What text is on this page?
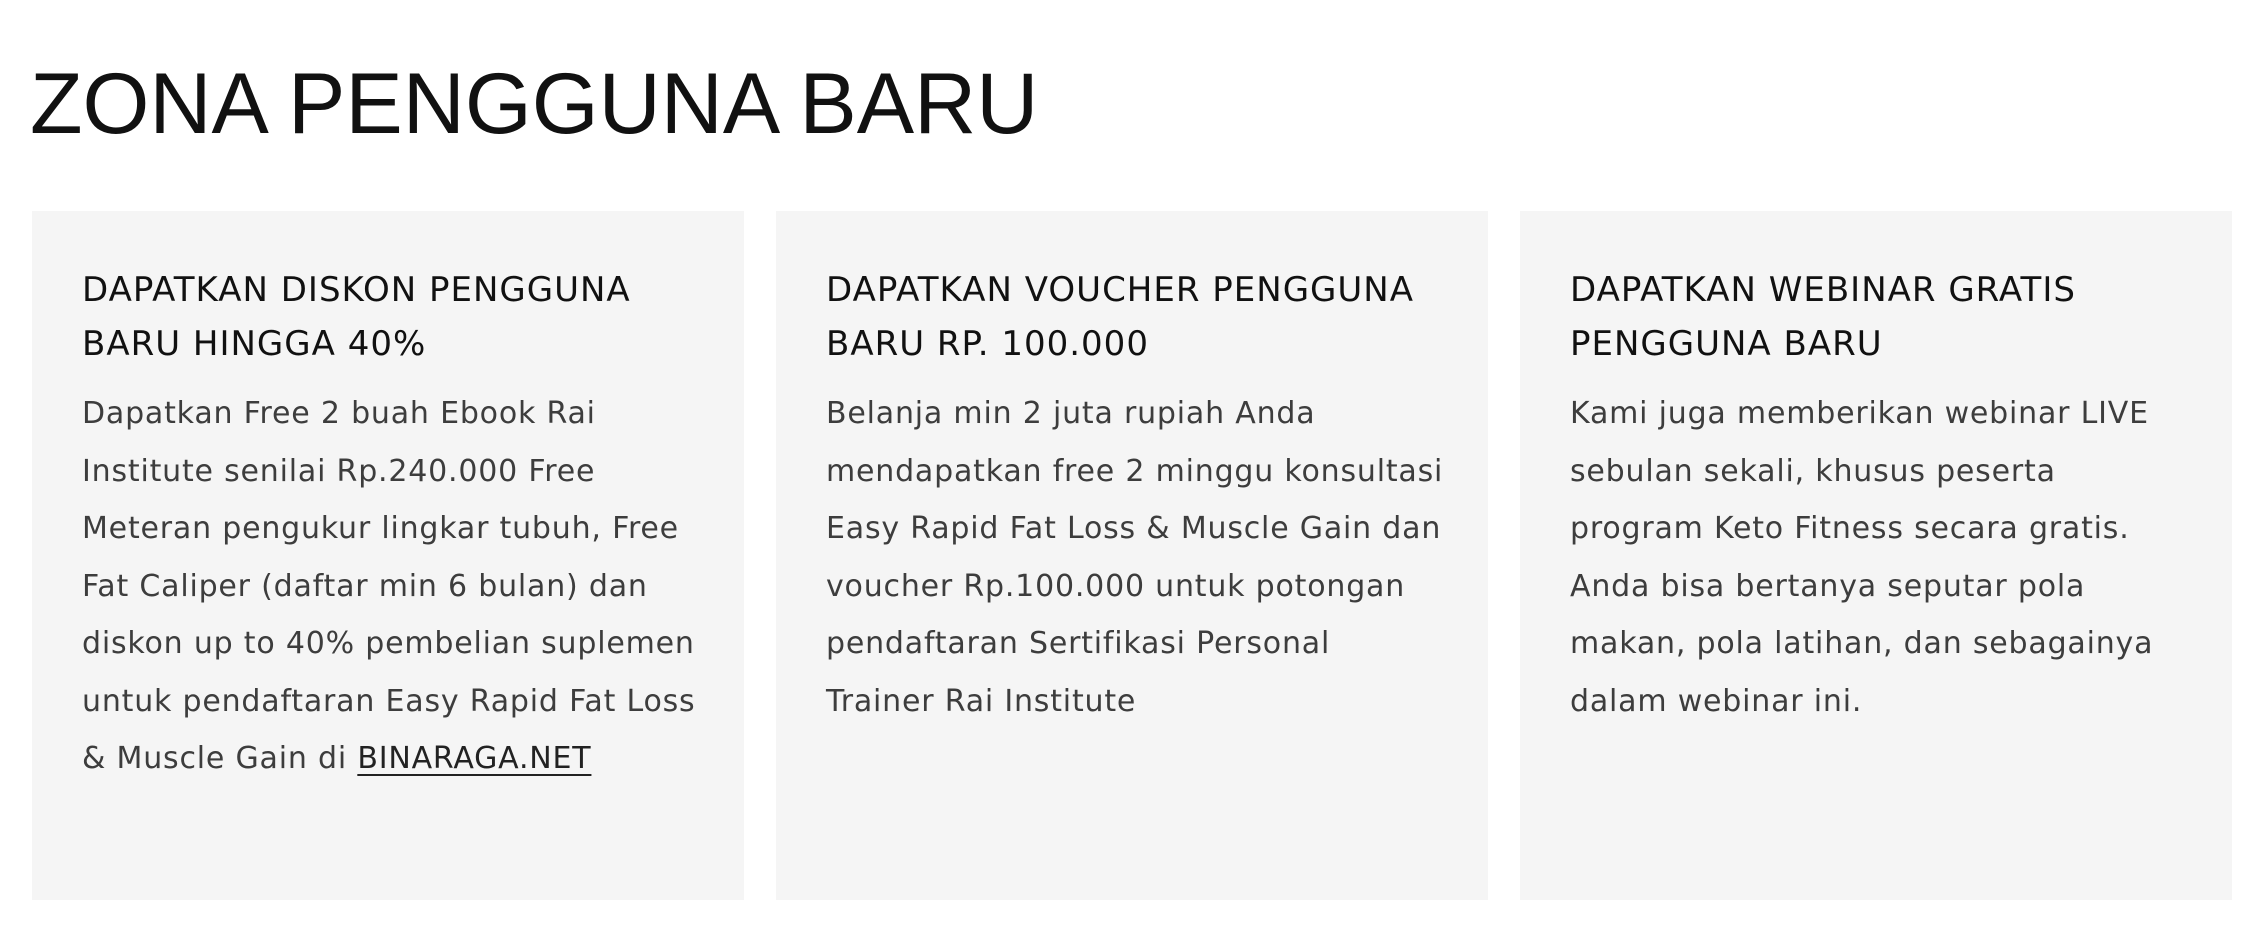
ZONA PENGGUNA BARU
DAPATKAN DISKON PENGGUNA BARU HINGGA 40%

Dapatkan Free 2 buah Ebook Rai Institute senilai Rp.240.000 Free Meteran pengukur lingkar tubuh, Free Fat Caliper (daftar min 6 bulan) dan diskon up to 40% pembelian suplemen untuk pendaftaran Easy Rapid Fat Loss & Muscle Gain di BINARAGA.NET

DAPATKAN VOUCHER PENGGUNA BARU RP. 100.000

Belanja min 2 juta rupiah Anda mendapatkan free 2 minggu konsultasi Easy Rapid Fat Loss & Muscle Gain dan voucher Rp.100.000 untuk potongan pendaftaran Sertifikasi Personal Trainer Rai Institute

DAPATKAN WEBINAR GRATIS PENGGUNA BARU

Kami juga memberikan webinar LIVE sebulan sekali, khusus peserta program Keto Fitness secara gratis. Anda bisa bertanya seputar pola makan, pola latihan, dan sebagainya dalam webinar ini.
